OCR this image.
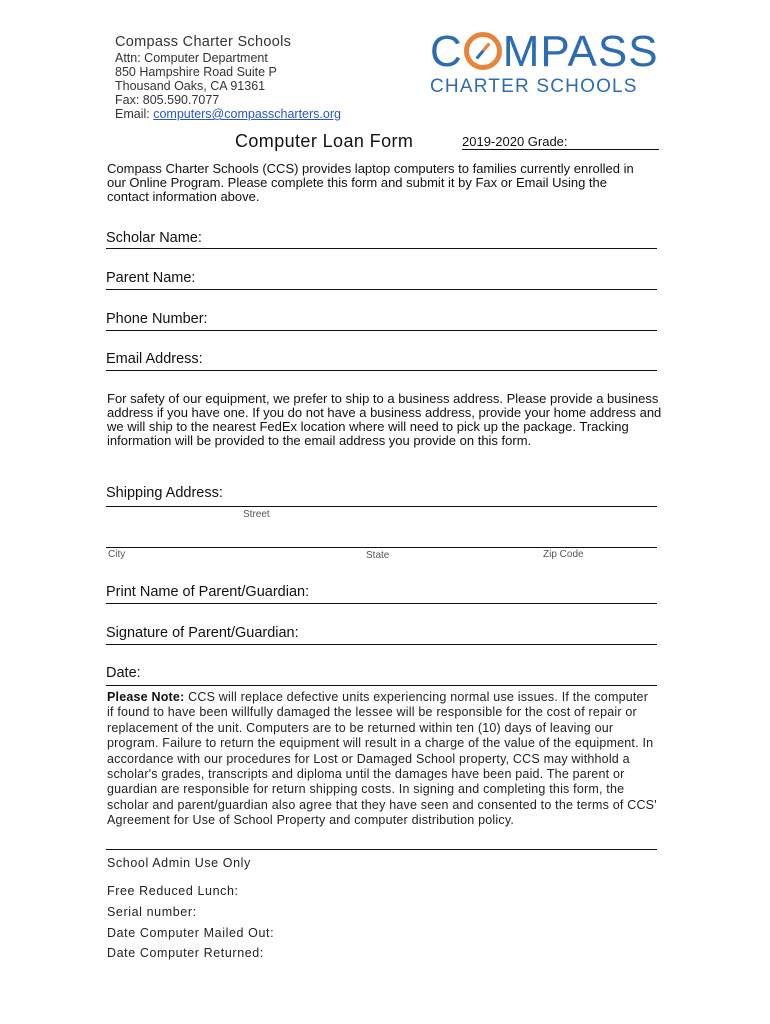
Compass Charter Schools
Attn: Computer Department
850 Hampshire Road Suite P
Thousand Oaks, CA 91361
Fax: 805.590.7077
Email: computers@compasscharters.org
C MPASS
CHARTER SCHOOLS
Computer Loan Form	2019-2020 Grade:
Compass Charter Schools (CCS) provides laptop computers to families currently enrolled in our Online Program. Please complete this form and submit it by Fax or Email Using the contact information above.
Scholar Name:
Parent Name:
Phone Number:
Email Address:
For safety of our equipment, we prefer to ship to a business address. Please provide a business address if you have one. If you do not have a business address, provide your home address and we will ship to the nearest FedEx location where will need to pick up the package. Tracking information will be provided to the email address you provide on this form.
Shipping Address:
Street
City	State	Zip Code
Print Name of Parent/Guardian:
Signature of Parent/Guardian:
Date:
Please Note: CCS will replace defective units experiencing normal use issues. If the computer if found to have been willfully damaged the lessee will be responsible for the cost of repair or replacement of the unit. Computers are to be returned within ten (10) days of leaving our program. Failure to return the equipment will result in a charge of the value of the equipment. In accordance with our procedures for Lost or Damaged School property, CCS may withhold a scholar's grades, transcripts and diploma until the damages have been paid. The parent or guardian are responsible for return shipping costs. In signing and completing this form, the scholar and parent/guardian also agree that they have seen and consented to the terms of CCS' Agreement for Use of School Property and computer distribution policy.
School Admin Use Only
Free Reduced Lunch:
Serial number:
Date Computer Mailed Out:
Date Computer Returned:
